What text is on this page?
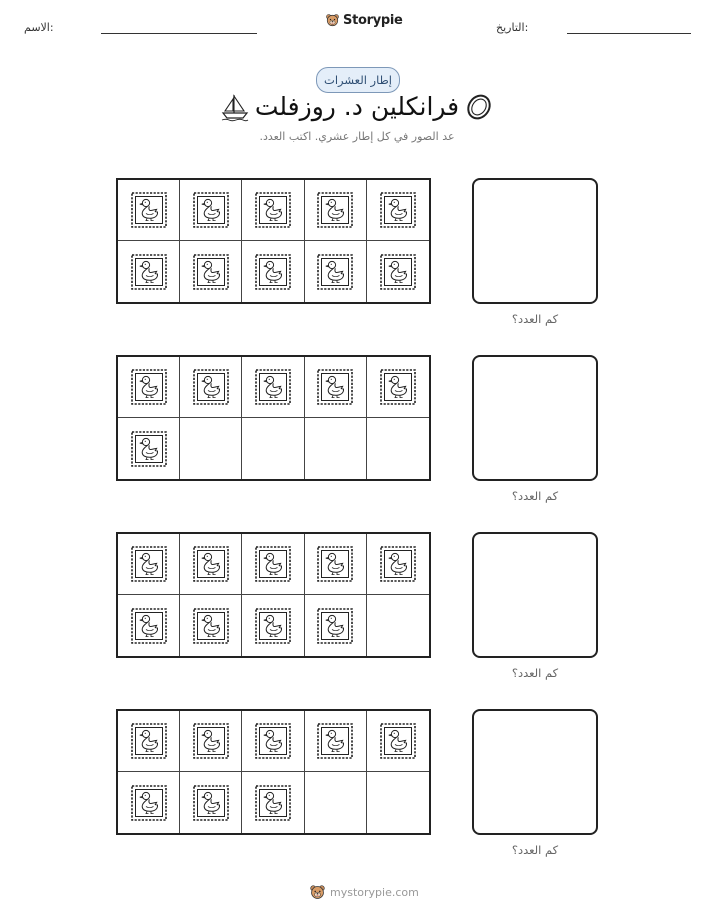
الاسم:	Storypie	التاريخ:
إطار العشرات
فرانكلين د. روزفلت
عد الصور في كل إطار عشري. اكتب العدد.
كم العدد؟
كم العدد؟
كم العدد؟
كم العدد؟
mystorypie.com
